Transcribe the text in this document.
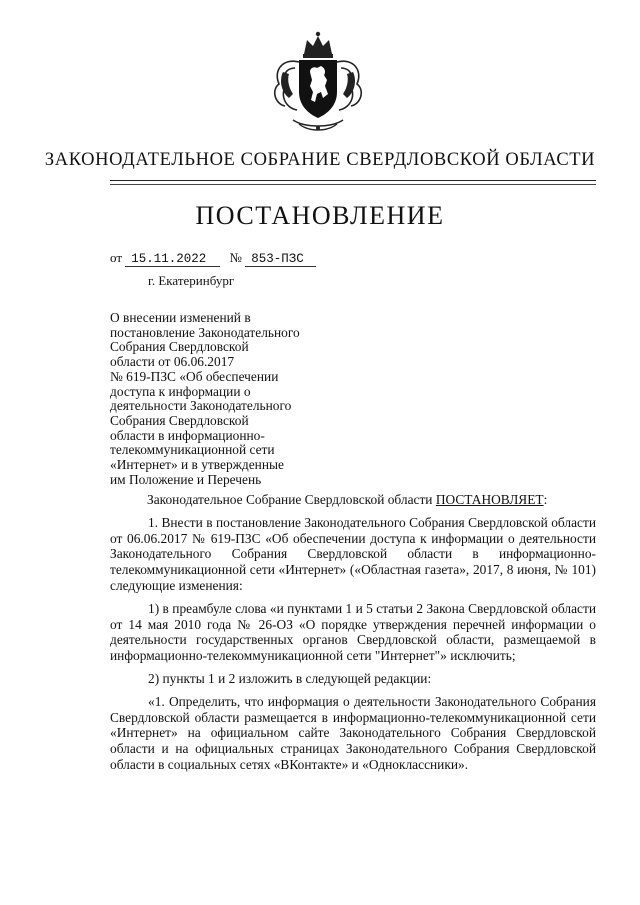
ЗАКОНОДАТЕЛЬНОЕ СОБРАНИЕ СВЕРДЛОВСКОЙ ОБЛАСТИ
ПОСТАНОВЛЕНИЕ
от 15.11.2022 № 853-ПЗС
г. Екатеринбург
О внесении изменений в
постановление Законодательного
Собрания Свердловской
области от 06.06.2017
№ 619-ПЗС «Об обеспечении
доступа к информации о
деятельности Законодательного
Собрания Свердловской
области в информационно-
телекоммуникационной сети
«Интернет» и в утвержденные
им Положение и Перечень

Законодательное Собрание Свердловской области ПОСТАНОВЛЯЕТ:

1. Внести в постановление Законодательного Собрания Свердловской области от 06.06.2017 № 619-ПЗС «Об обеспечении доступа к информации о деятельности Законодательного Собрания Свердловской области в информационно-телекоммуникационной сети «Интернет» («Областная газета», 2017, 8 июня, № 101) следующие изменения:

1) в преамбуле слова «и пунктами 1 и 5 статьи 2 Закона Свердловской области от 14 мая 2010 года № 26-ОЗ «О порядке утверждения перечней информации о деятельности государственных органов Свердловской области, размещаемой в информационно-телекоммуникационной сети "Интернет"» исключить;

2) пункты 1 и 2 изложить в следующей редакции:

«1. Определить, что информация о деятельности Законодательного Собрания Свердловской области размещается в информационно-телекоммуникационной сети «Интернет» на официальном сайте Законодательного Собрания Свердловской области и на официальных страницах Законодательного Собрания Свердловской области в социальных сетях «ВКонтакте» и «Одноклассники».
